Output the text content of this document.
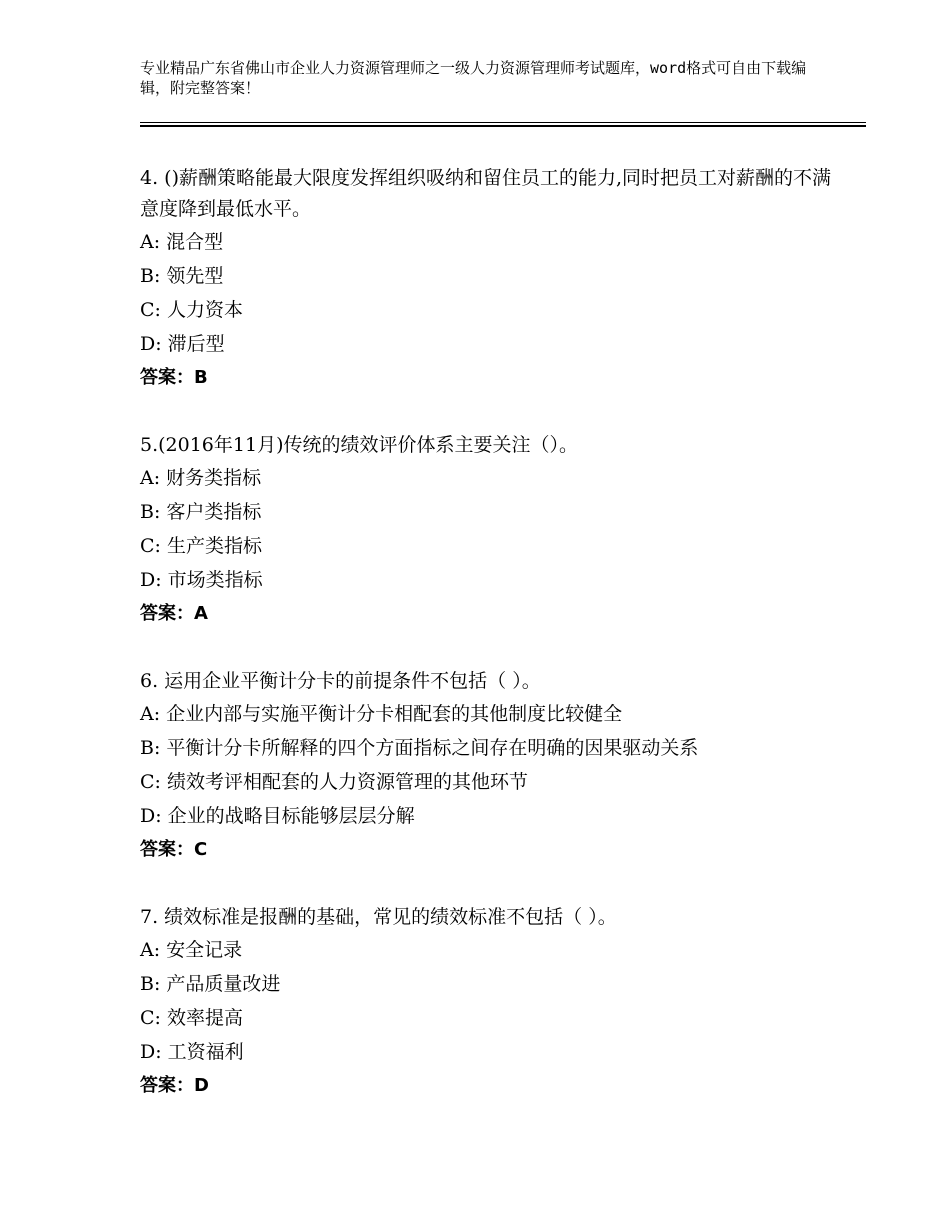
专业精品广东省佛山市企业人力资源管理师之一级人力资源管理师考试题库，word格式可自由下载编辑，附完整答案！
4. ()薪酬策略能最大限度发挥组织吸纳和留住员工的能力,同时把员工对薪酬的不满意度降到最低水平。
A: 混合型
B: 领先型
C: 人力资本
D: 滞后型
答案：B
5.(2016年11月)传统的绩效评价体系主要关注（）。
A: 财务类指标
B: 客户类指标
C: 生产类指标
D: 市场类指标
答案：A
6. 运用企业平衡计分卡的前提条件不包括（ ）。
A: 企业内部与实施平衡计分卡相配套的其他制度比较健全
B: 平衡计分卡所解释的四个方面指标之间存在明确的因果驱动关系
C: 绩效考评相配套的人力资源管理的其他环节
D: 企业的战略目标能够层层分解
答案：C
7. 绩效标准是报酬的基础，常见的绩效标准不包括（ ）。
A: 安全记录
B: 产品质量改进
C: 效率提高
D: 工资福利
答案：D
